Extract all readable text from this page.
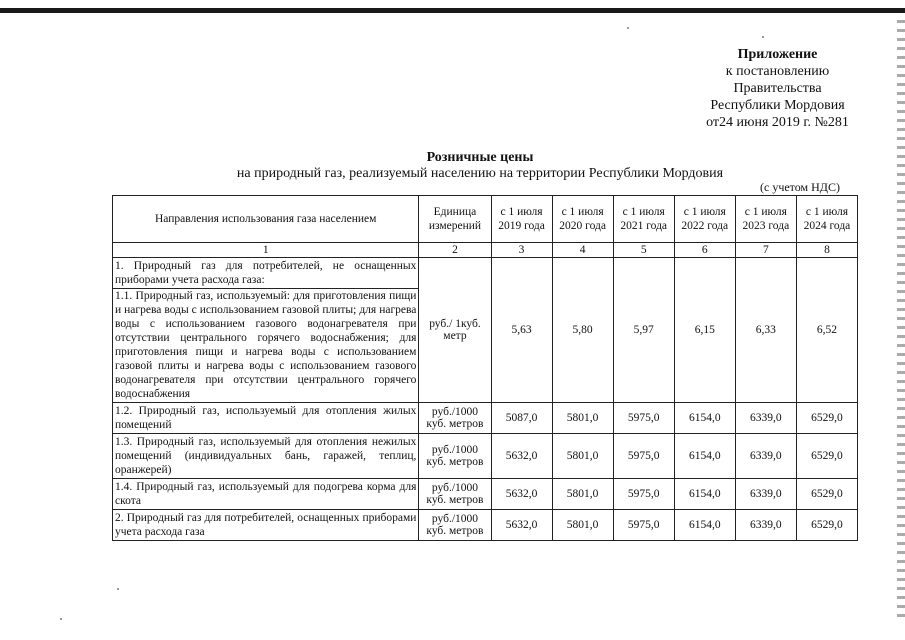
Приложение
к постановлению
Правительства
Республики Мордовия
от24 июня 2019 г. №281
Розничные цены
на природный газ, реализуемый населению на территории Республики Мордовия
(с учетом НДС)
Направления использования газа населением	Единица измерений	с 1 июля 2019 года	с 1 июля 2020 года	с 1 июля 2021 года	с 1 июля 2022 года	с 1 июля 2023 года	с 1 июля 2024 года
1	2	3	4	5	6	7	8

1. Природный газ для потребителей, не оснащенных приборами учета расхода газа:
1.1. Природный газ, используемый: для приготовления пищи и нагрева воды с использованием газовой плиты; для нагрева воды с использованием газового водонагревателя при отсутствии центрального горячего водоснабжения; для приготовления пищи и нагрева воды с использованием газовой плиты и нагрева воды с использованием газового водонагревателя при отсутствии центрального горячего водоснабжения	руб./ 1куб. метр	5,63	5,80	5,97	6,15	6,33	6,52
1.2. Природный газ, используемый для отопления жилых помещений	руб./1000 куб. метров	5087,0	5801,0	5975,0	6154,0	6339,0	6529,0
1.3. Природный газ, используемый для отопления нежилых помещений (индивидуальных бань, гаражей, теплиц, оранжерей)	руб./1000 куб. метров	5632,0	5801,0	5975,0	6154,0	6339,0	6529,0
1.4. Природный газ, используемый для подогрева корма для скота	руб./1000 куб. метров	5632,0	5801,0	5975,0	6154,0	6339,0	6529,0
2. Природный газ для потребителей, оснащенных приборами учета расхода газа	руб./1000 куб. метров	5632,0	5801,0	5975,0	6154,0	6339,0	6529,0
